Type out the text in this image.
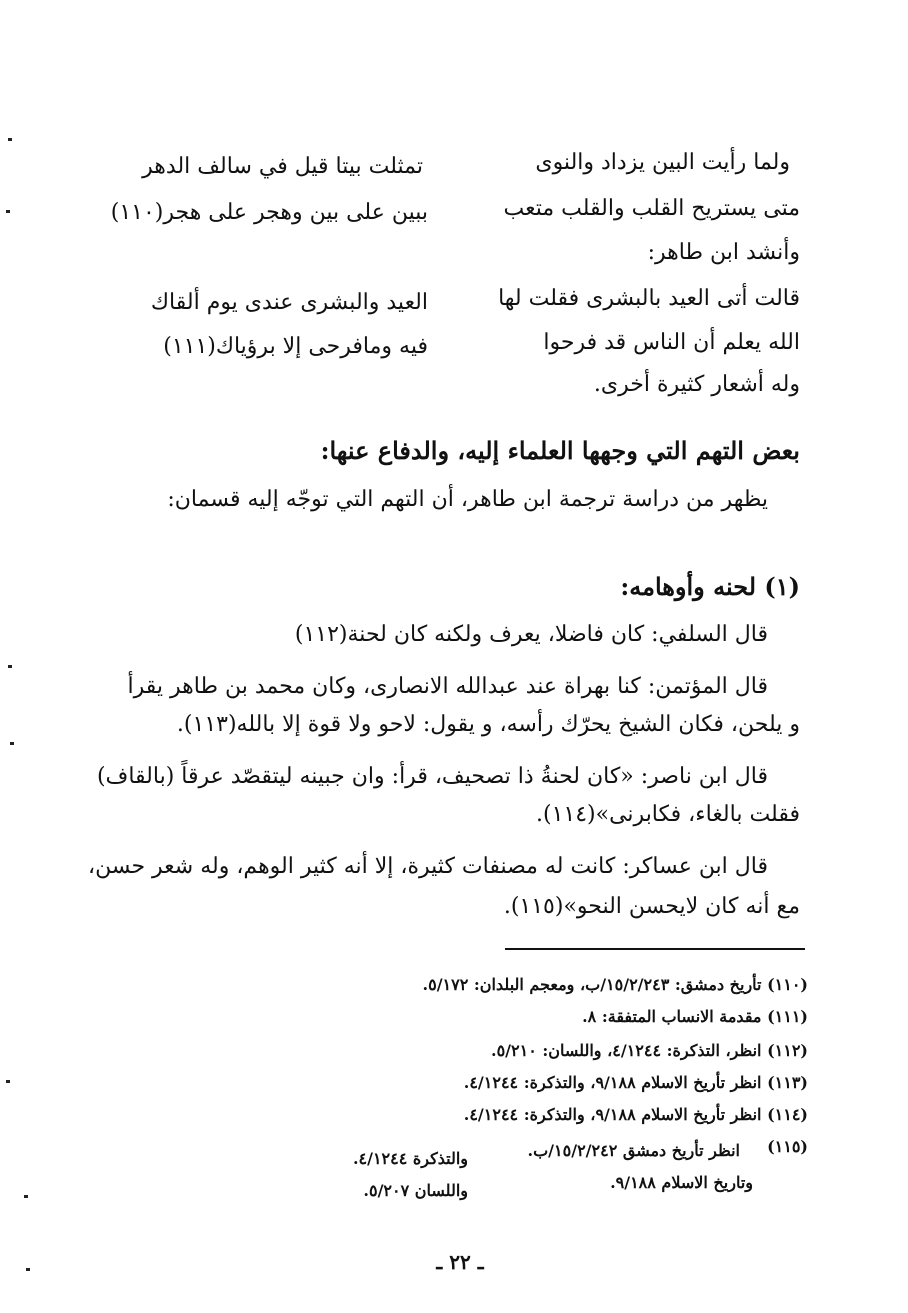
ولما رأيت البين يزداد والنوى
تمثلت بيتا قيل في سالف الدهر
متى يستريح القلب والقلب متعب
ببين على بين وهجر على هجر(١١٠)
وأنشد ابن طاهر:
قالت أتى العيد بالبشرى فقلت لها
العيد والبشرى عندى يوم ألقاك
الله يعلم أن الناس قد فرحوا
فيه ومافرحى إلا برؤياك(١١١)
وله أشعار كثيرة أخرى.
بعض التهم التي وجهها العلماء إليه، والدفاع عنها:
يظهر من دراسة ترجمة ابن طاهر، أن التهم التي توجّه إليه قسمان:
(١) لحنه وأوهامه:
قال السلفي: كان فاضلا، يعرف ولكنه كان لحنة(١١٢)
قال المؤتمن: كنا بهراة عند عبدالله الانصارى، وكان محمد بن طاهر يقرأ
و يلحن، فكان الشيخ يحرّك رأسه، و يقول: لاحو ولا قوة إلا بالله(١١٣).
قال ابن ناصر: «كان لحنةُ ذا تصحيف، قرأ: وان جبينه ليتقصّد عرقاً (بالقاف)
فقلت بالغاء، فكابرنى»(١١٤).
قال ابن عساكر: كانت له مصنفات كثيرة، إلا أنه كثير الوهم، وله شعر حسن،
مع أنه كان لايحسن النحو»(١١٥).
(١١٠) تأريخ دمشق: ١٥/٢/٢٤٣/ب، ومعجم البلدان: ٥/١٧٢.
(١١١) مقدمة الانساب المتفقة: ٨.
(١١٢) انظر، التذكرة: ٤/١٢٤٤، واللسان: ٥/٢١٠.
(١١٣) انظر تأريخ الاسلام ٩/١٨٨، والتذكرة: ٤/١٢٤٤.
(١١٤) انظر تأريخ الاسلام ٩/١٨٨، والتذكرة: ٤/١٢٤٤.
(١١٥)
انظر تأريخ دمشق ١٥/٢/٢٤٢/ب.
والتذكرة ٤/١٢٤٤.
وتاريخ الاسلام ٩/١٨٨.
واللسان ٥/٢٠٧.
ـ ٢٢ ـ
